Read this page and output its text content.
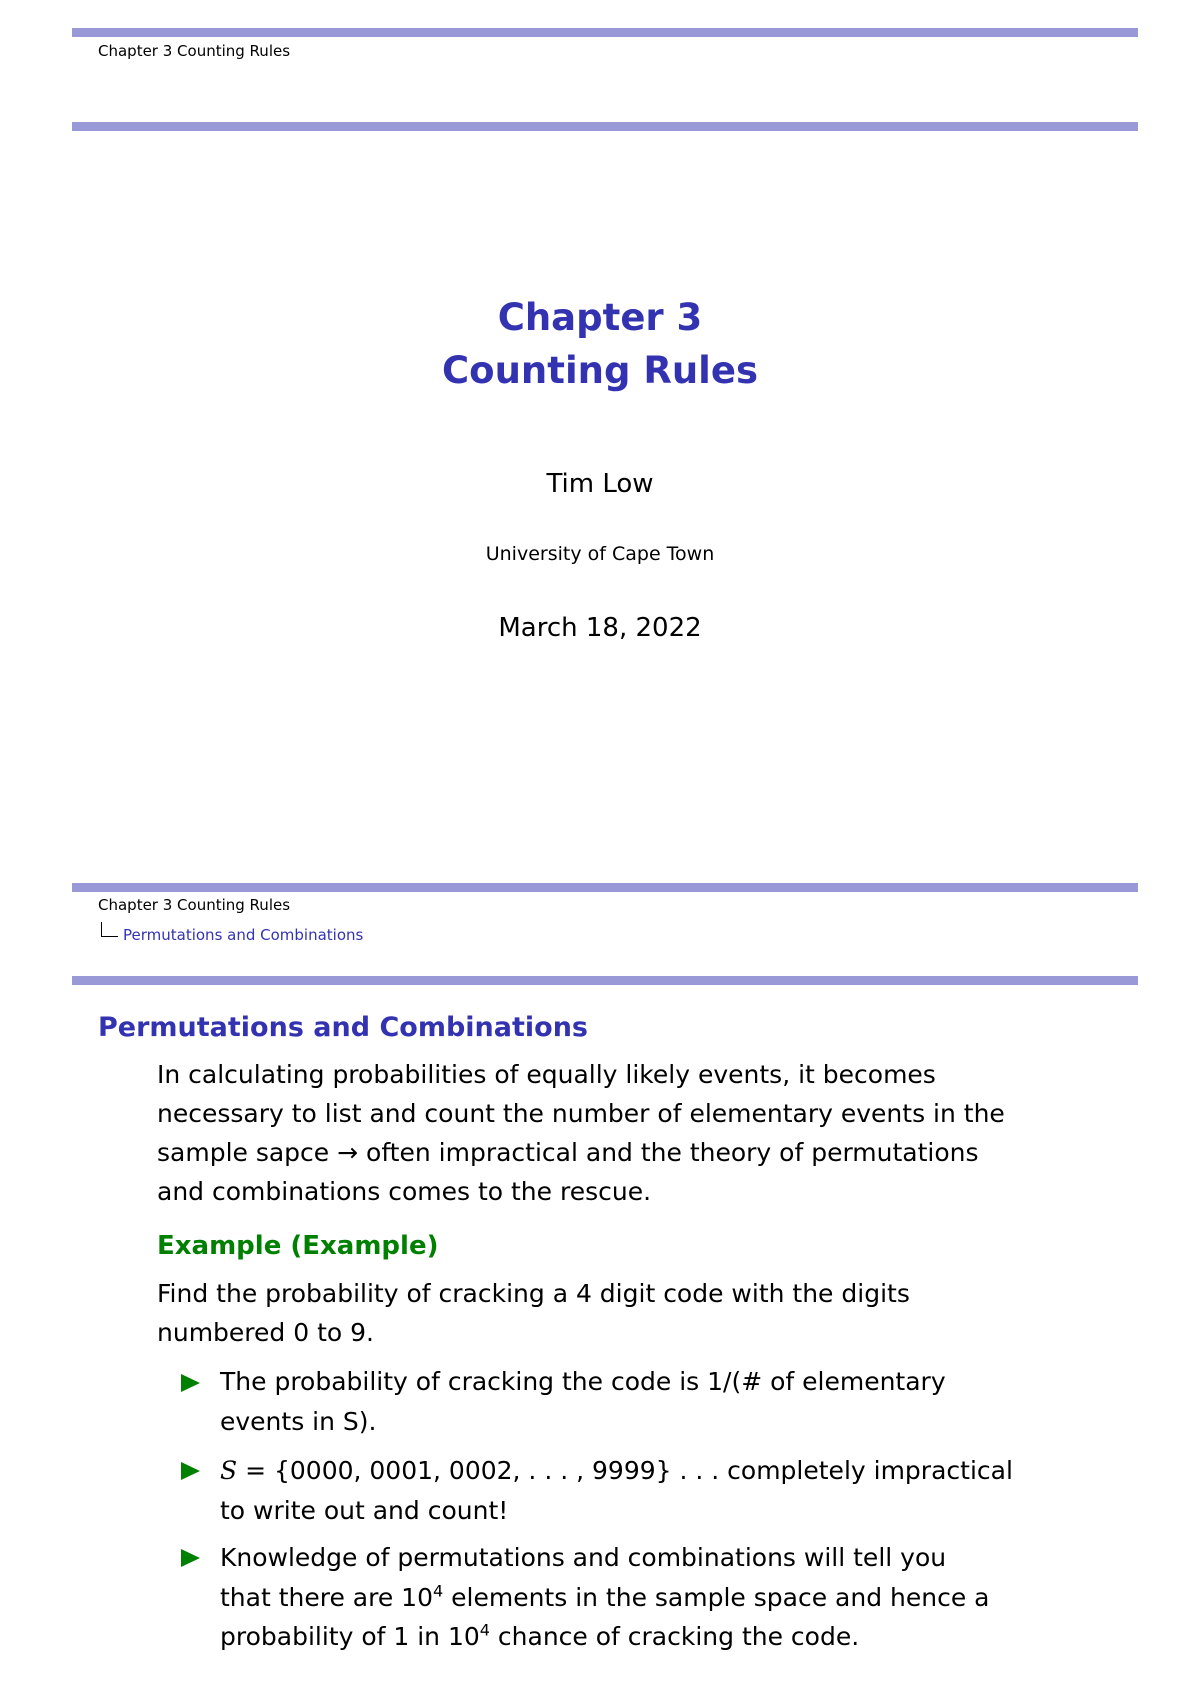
Chapter 3 Counting Rules
Chapter 3
Counting Rules
Tim Low
University of Cape Town
March 18, 2022
Chapter 3 Counting Rules
Permutations and Combinations
Permutations and Combinations
In calculating probabilities of equally likely events, it becomes
necessary to list and count the number of elementary events in the
sample sapce → often impractical and the theory of permutations
and combinations comes to the rescue.
Example (Example)
Find the probability of cracking a 4 digit code with the digits
numbered 0 to 9.
The probability of cracking the code is 1/(# of elementary
events in S).
S = {0000, 0001, 0002, . . . , 9999} . . . completely impractical
to write out and count!
Knowledge of permutations and combinations will tell you
that there are $10^4$ elements in the sample space and hence a
probability of 1 in $10^4$ chance of cracking the code.
